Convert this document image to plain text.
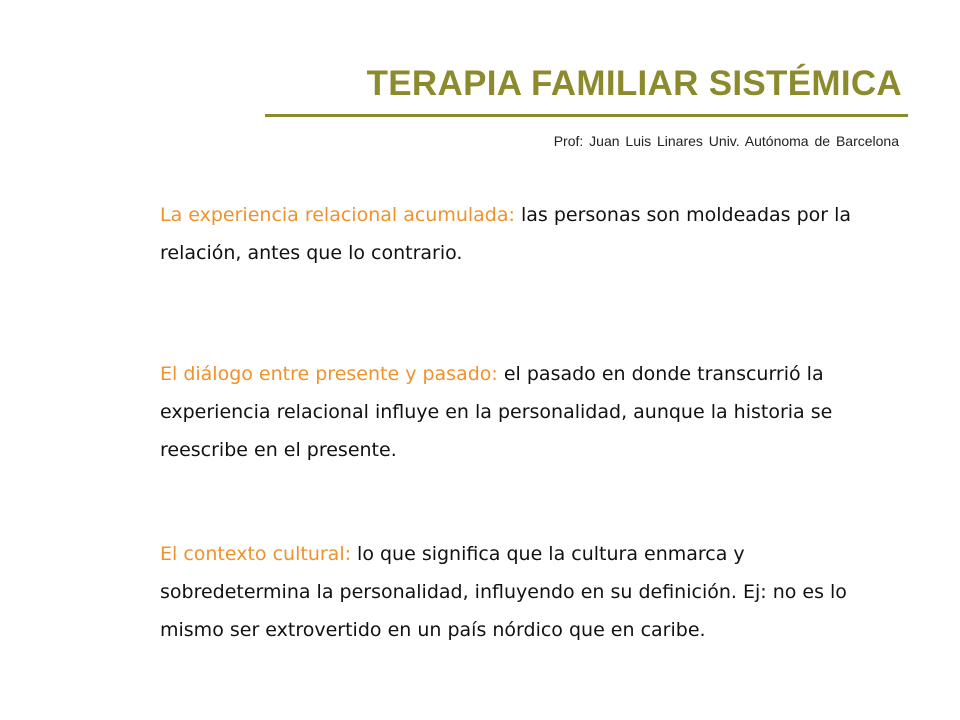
TERAPIA FAMILIAR SISTÉMICA

Prof: Juan Luis Linares Univ. Autónoma de Barcelona

La experiencia relacional acumulada: las personas son moldeadas por la relación, antes que lo contrario.

El diálogo entre presente y pasado: el pasado en donde transcurrió la experiencia relacional influye en la personalidad, aunque la historia se reescribe en el presente.

El contexto cultural: lo que significa que la cultura enmarca y sobredetermina la personalidad, influyendo en su definición. Ej: no es lo mismo ser extrovertido en un país nórdico que en caribe.
